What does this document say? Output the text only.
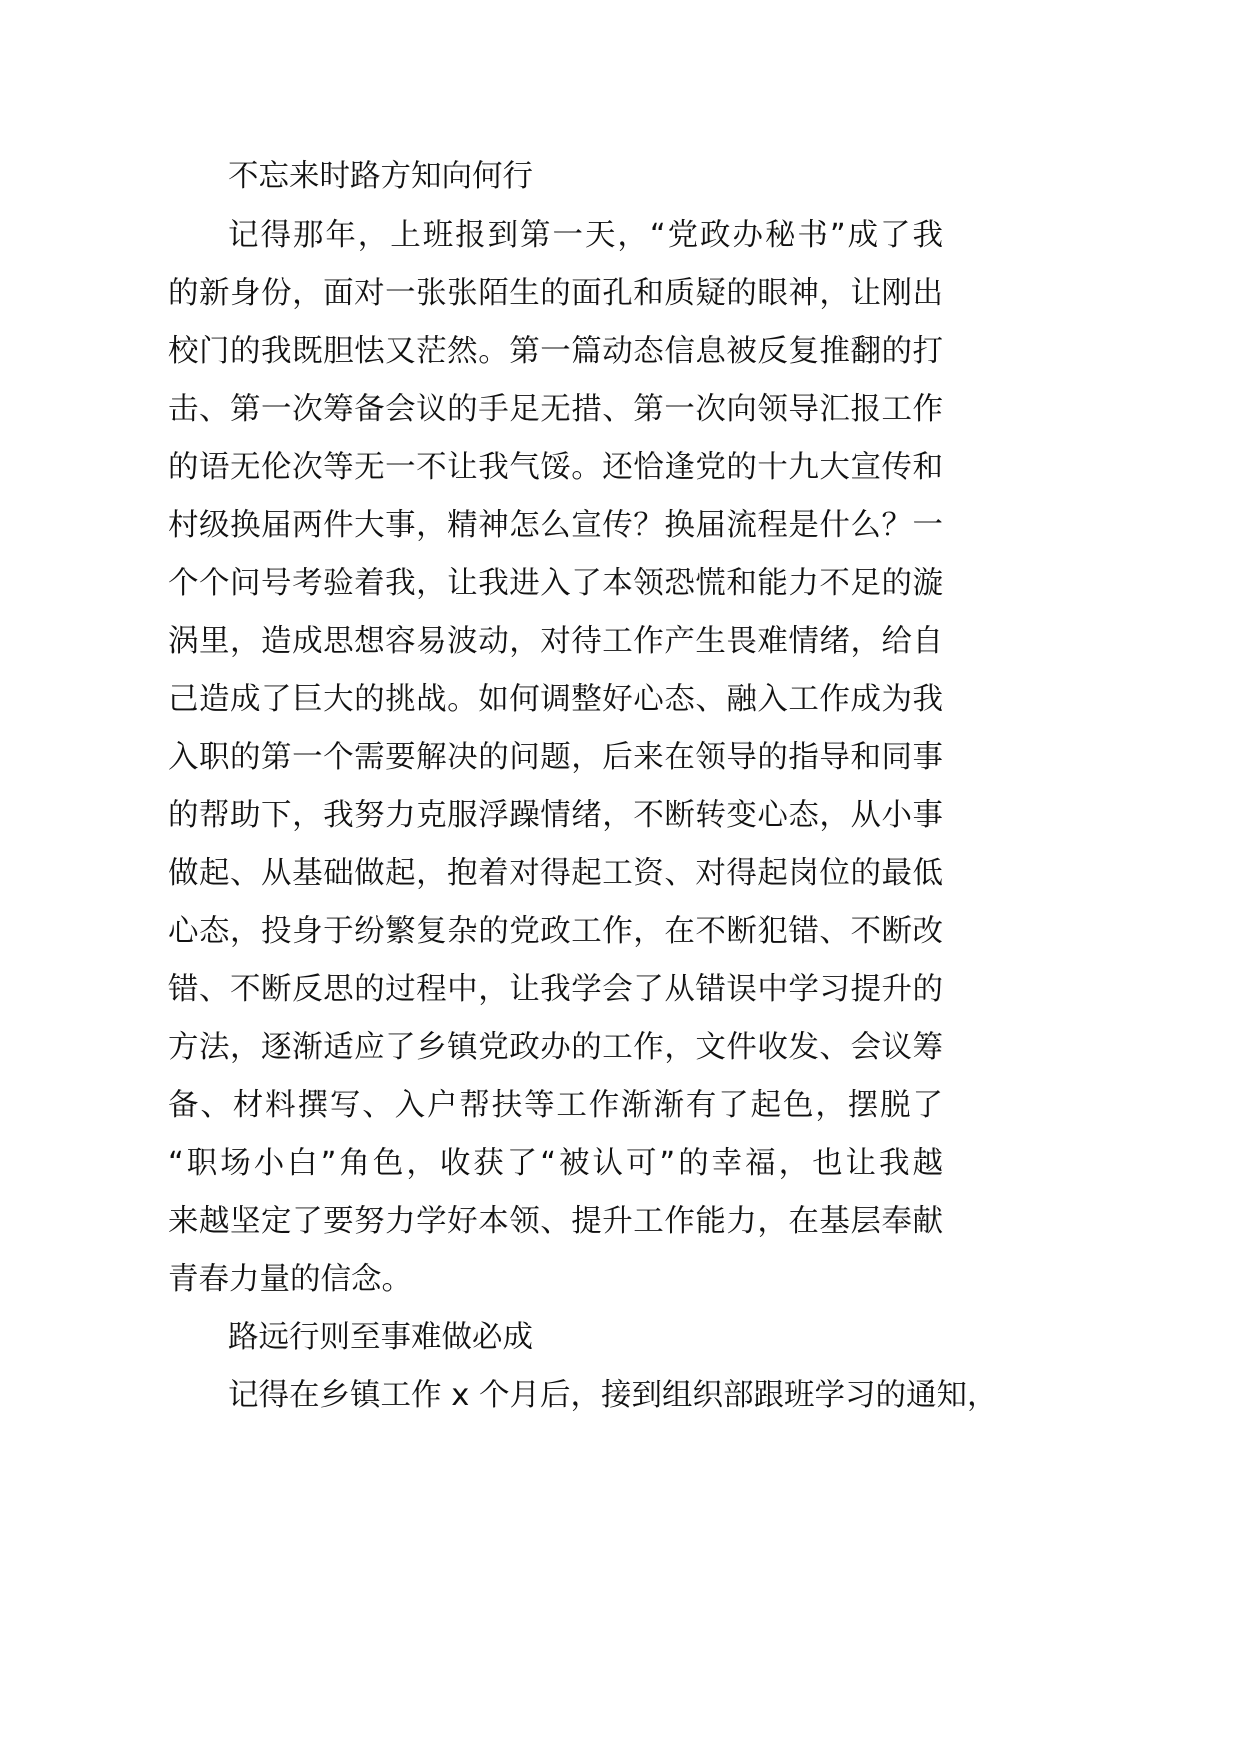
不忘来时路方知向何行
记得那年，上班报到第一天，“党政办秘书”成了我
的新身份，面对一张张陌生的面孔和质疑的眼神，让刚出
校门的我既胆怯又茫然。第一篇动态信息被反复推翻的打
击、第一次筹备会议的手足无措、第一次向领导汇报工作
的语无伦次等无一不让我气馁。还恰逢党的十九大宣传和
村级换届两件大事，精神怎么宣传？换届流程是什么？一
个个问号考验着我，让我进入了本领恐慌和能力不足的漩
涡里，造成思想容易波动，对待工作产生畏难情绪，给自
己造成了巨大的挑战。如何调整好心态、融入工作成为我
入职的第一个需要解决的问题，后来在领导的指导和同事
的帮助下，我努力克服浮躁情绪，不断转变心态，从小事
做起、从基础做起，抱着对得起工资、对得起岗位的最低
心态，投身于纷繁复杂的党政工作，在不断犯错、不断改
错、不断反思的过程中，让我学会了从错误中学习提升的
方法，逐渐适应了乡镇党政办的工作，文件收发、会议筹
备、材料撰写、入户帮扶等工作渐渐有了起色，摆脱了
“职场小白”角色，收获了“被认可”的幸福，也让我越
来越坚定了要努力学好本领、提升工作能力，在基层奉献
青春力量的信念。
路远行则至事难做必成
记得在乡镇工作 x 个月后，接到组织部跟班学习的通知，
